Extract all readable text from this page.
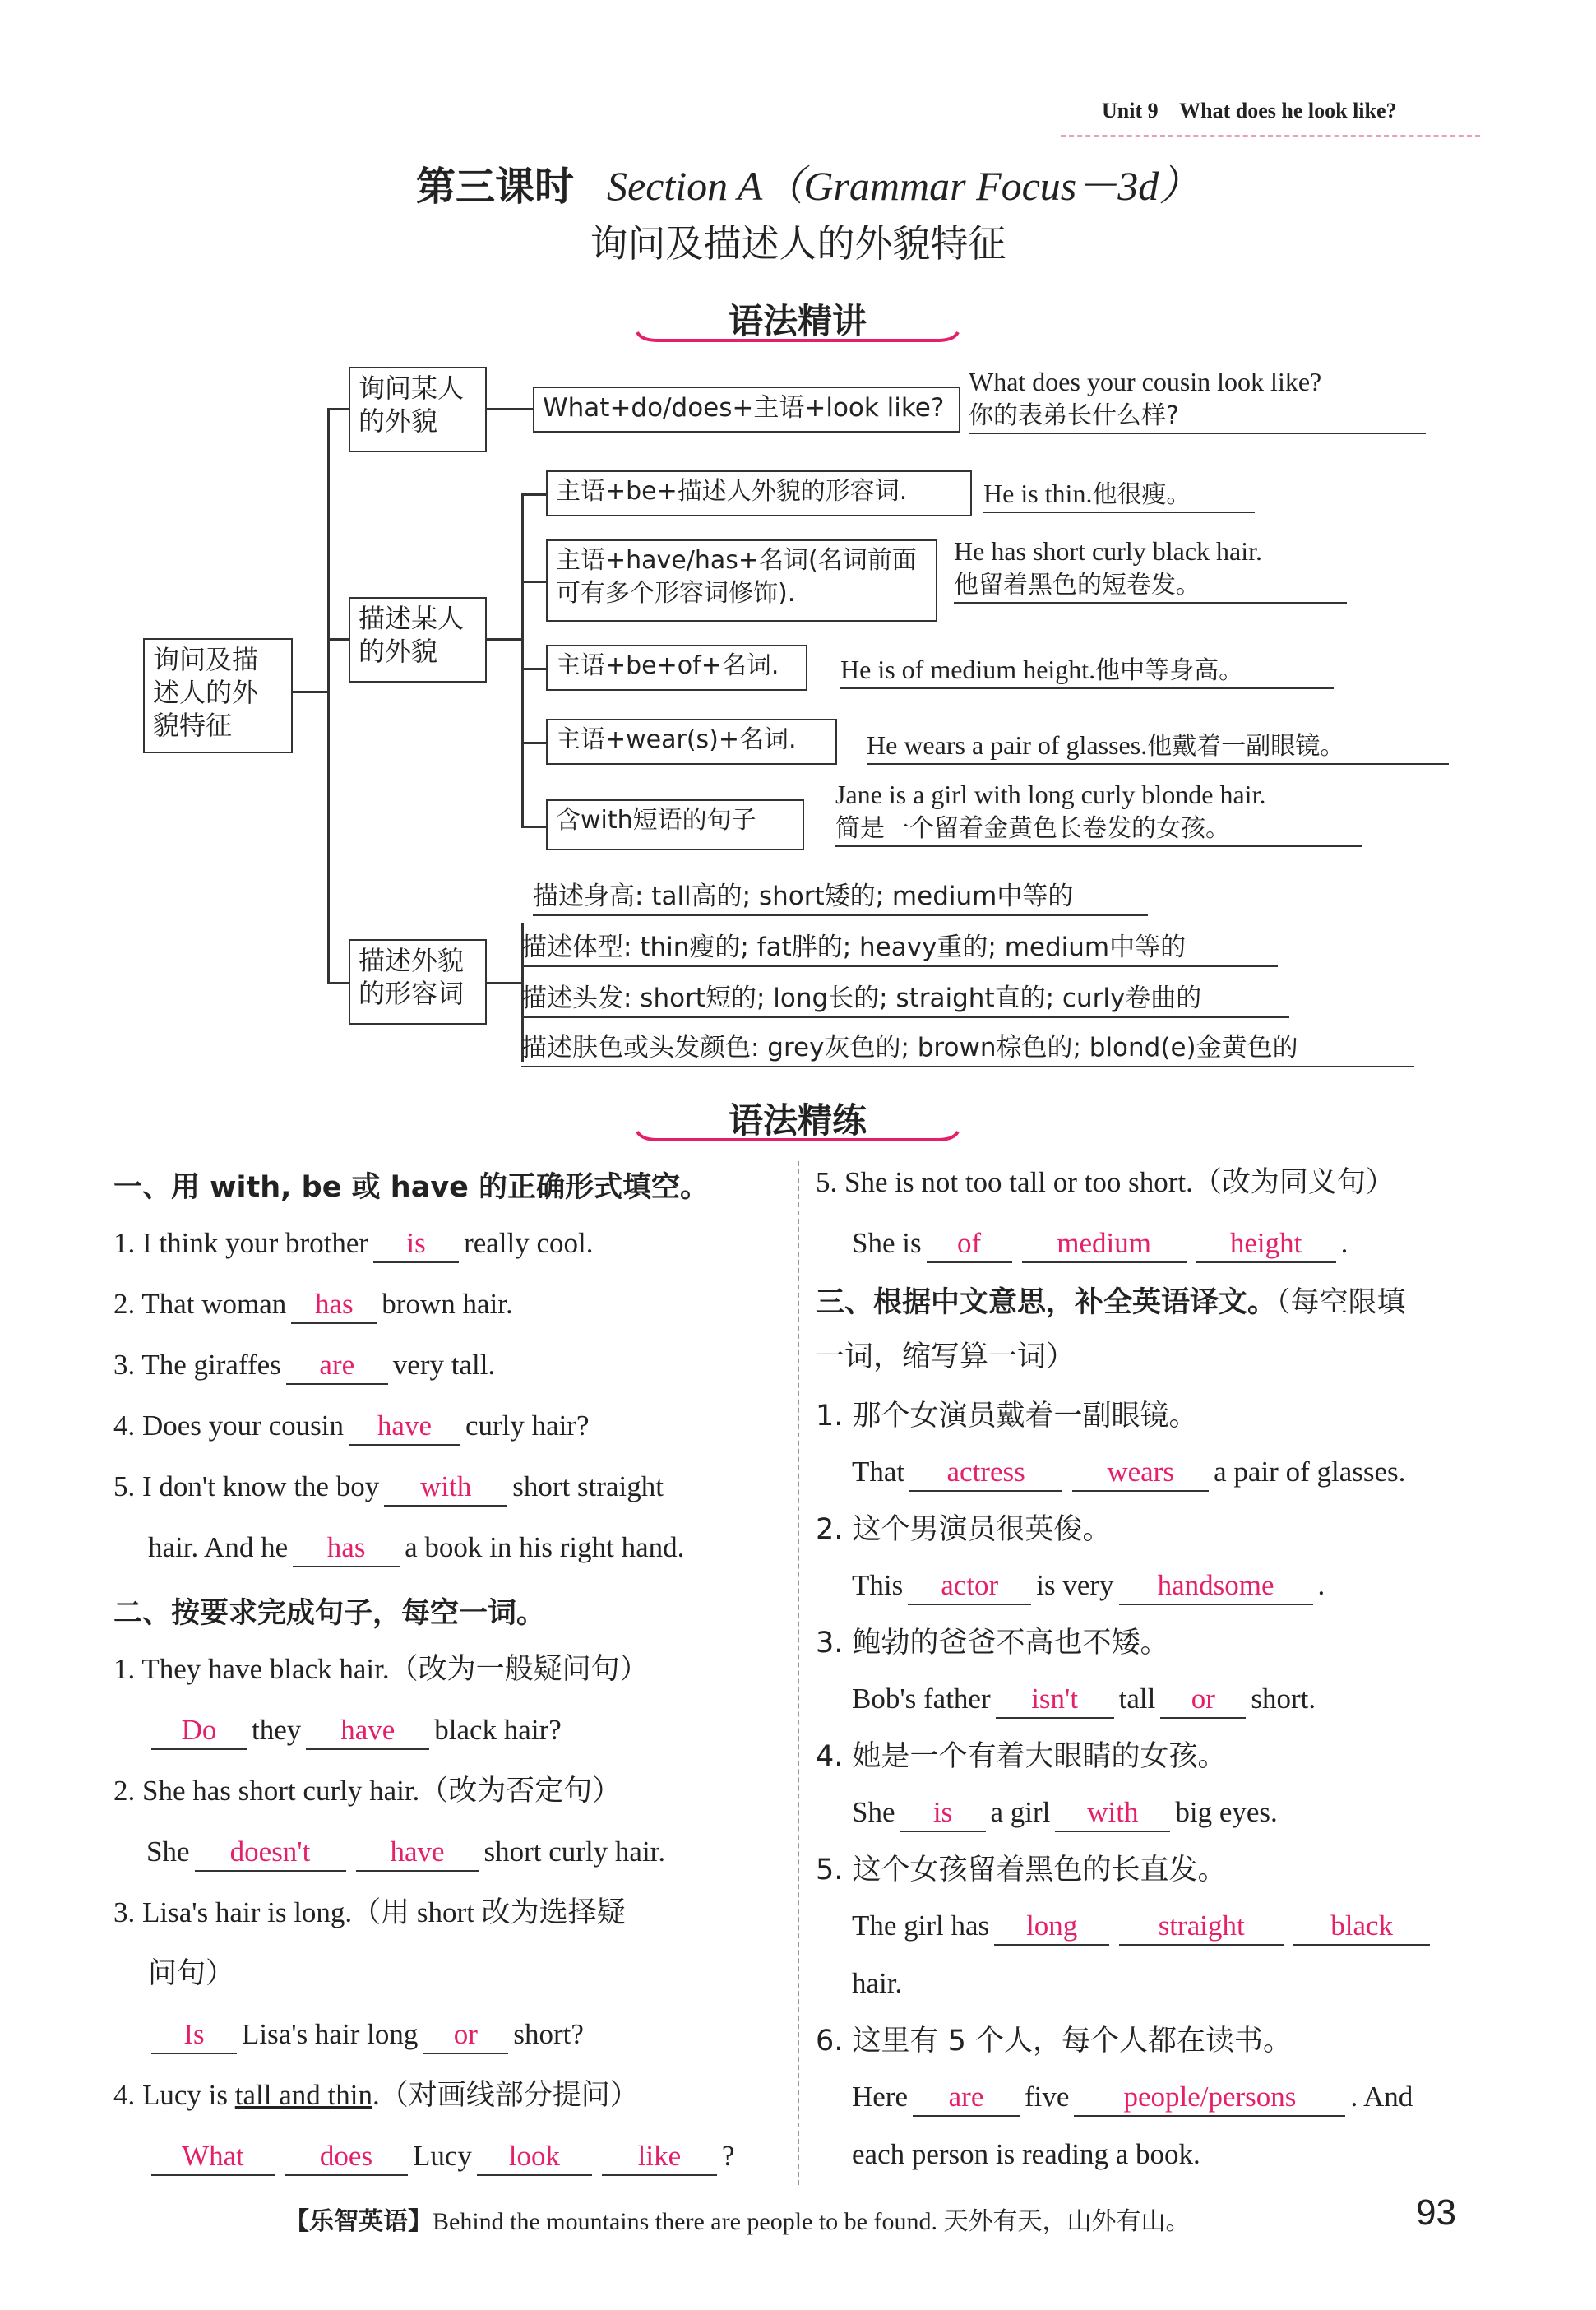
Unit 9 What does he look like?
第三课时 Section A（Grammar Focus－3d）
询问及描述人的外貌特征
语法精讲
询问及描述人的外貌特征
询问某人的外貌	What+do/does+主语+look like?
What does your cousin look like?
你的表弟长什么样?
描述某人的外貌
主语+be+描述人外貌的形容词.	He is thin.他很瘦。
主语+have/has+名词(名词前面可有多个形容词修饰).
He has short curly black hair.
他留着黑色的短卷发。
主语+be+of+名词.	He is of medium height.他中等身高。
主语+wear(s)+名词.	He wears a pair of glasses.他戴着一副眼镜。
含with短语的句子
Jane is a girl with long curly blonde hair.
简是一个留着金黄色长卷发的女孩。
描述外貌的形容词
描述身高: tall高的; short矮的; medium中等的
描述体型: thin瘦的; fat胖的; heavy重的; medium中等的
描述头发: short短的; long长的; straight直的; curly卷曲的
描述肤色或头发颜色: grey灰色的; brown棕色的; blond(e)金黄色的
语法精练
一、用 with, be 或 have 的正确形式填空。
1. I think your brother is really cool.
2. That woman has brown hair.
3. The giraffes are very tall.
4. Does your cousin have curly hair?
5. I don't know the boy with short straight
hair. And he has a book in his right hand.
二、按要求完成句子，每空一词。
1. They have black hair.（改为一般疑问句）
Do they have black hair?
2. She has short curly hair.（改为否定句）
She doesn't	have short curly hair.
3. Lisa's hair is long.（用 short 改为选择疑
问句）
Is Lisa's hair long or short?
4. Lucy is tall and thin.（对画线部分提问）
What	does Lucy look	like ?
5. She is not too tall or too short.（改为同义句）
She is of	medium	height .
三、根据中文意思，补全英语译文。（每空限填
一词，缩写算一词）
1. 那个女演员戴着一副眼镜。
That actress	wears a pair of glasses.
2. 这个男演员很英俊。
This actor is very handsome .
3. 鲍勃的爸爸不高也不矮。
Bob's father isn't tall or short.
4. 她是一个有着大眼睛的女孩。
She is a girl with big eyes.
5. 这个女孩留着黑色的长直发。
The girl has long	straight	black
hair.
6. 这里有 5 个人，每个人都在读书。
Here are five people/persons . And
each person is reading a book.
【乐智英语】Behind the mountains there are people to be found. 天外有天，山外有山。	93
